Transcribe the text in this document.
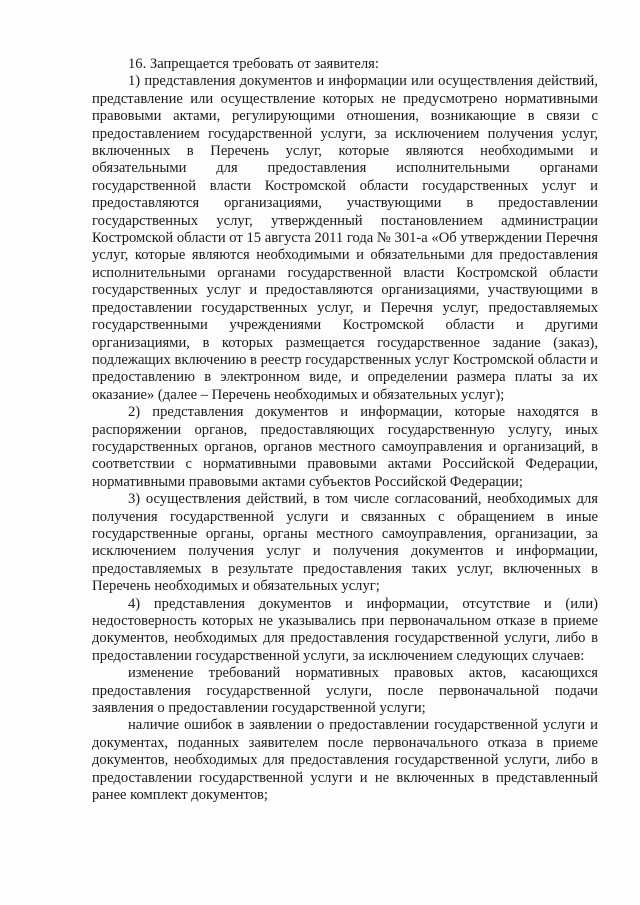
16. Запрещается требовать от заявителя:

1) представления документов и информации или осуществления действий, представление или осуществление которых не предусмотрено нормативными правовыми актами, регулирующими отношения, возникающие в связи с предоставлением государственной услуги, за исключением получения услуг, включенных в Перечень услуг, которые являются необходимыми и обязательными для предоставления исполнительными органами государственной власти Костромской области государственных услуг и предоставляются организациями, участвующими в предоставлении государственных услуг, утвержденный постановлением администрации Костромской области от 15 августа 2011 года № 301-а «Об утверждении Перечня услуг, которые являются необходимыми и обязательными для предоставления исполнительными органами государственной власти Костромской области государственных услуг и предоставляются организациями, участвующими в предоставлении государственных услуг, и Перечня услуг, предоставляемых государственными учреждениями Костромской области и другими организациями, в которых размещается государственное задание (заказ), подлежащих включению в реестр государственных услуг Костромской области и предоставлению в электронном виде, и определении размера платы за их оказание» (далее – Перечень необходимых и обязательных услуг);

2) представления документов и информации, которые находятся в распоряжении органов, предоставляющих государственную услугу, иных государственных органов, органов местного самоуправления и организаций, в соответствии с нормативными правовыми актами Российской Федерации, нормативными правовыми актами субъектов Российской Федерации;

3) осуществления действий, в том числе согласований, необходимых для получения государственной услуги и связанных с обращением в иные государственные органы, органы местного самоуправления, организации, за исключением получения услуг и получения документов и информации, предоставляемых в результате предоставления таких услуг, включенных в Перечень необходимых и обязательных услуг;

4) представления документов и информации, отсутствие и (или) недостоверность которых не указывались при первоначальном отказе в приеме документов, необходимых для предоставления государственной услуги, либо в предоставлении государственной услуги, за исключением следующих случаев:

изменение требований нормативных правовых актов, касающихся предоставления государственной услуги, после первоначальной подачи заявления о предоставлении государственной услуги;

наличие ошибок в заявлении о предоставлении государственной услуги и документах, поданных заявителем после первоначального отказа в приеме документов, необходимых для предоставления государственной услуги, либо в предоставлении государственной услуги и не включенных в представленный ранее комплект документов;
